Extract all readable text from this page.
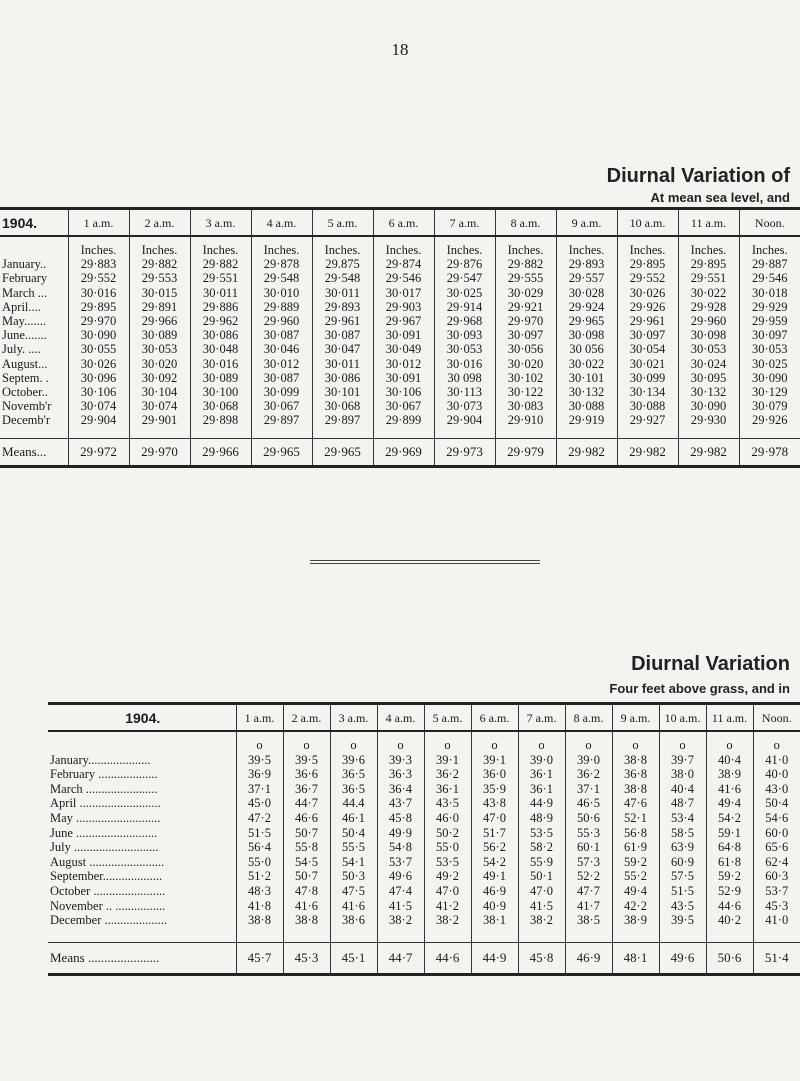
18
Diurnal Variation of
At mean sea level, and
1904.	1 a.m.	2 a.m.	3 a.m.	4 a.m.	5 a.m.	6 a.m.	7 a.m.	8 a.m.	9 a.m.	10 a.m.	11 a.m.	Noon.
	Inches.	Inches.	Inches.	Inches.	Inches.	Inches.	Inches.	Inches.	Inches.	Inches.	Inches.	Inches.
January..	29·883	29·882	29·882	29·878	29.875	29·874	29·876	29·882	29·893	29·895	29·895	29·887
February	29·552	29·553	29·551	29·548	29·548	29·546	29·547	29·555	29·557	29·552	29·551	29·546
March ...	30·016	30·015	30·011	30·010	30·011	30·017	30·025	30·029	30·028	30·026	30·022	30·018
April....	29·895	29·891	29·886	29·889	29·893	29·903	29·914	29·921	29·924	29·926	29·928	29·929
May.......	29·970	29·966	29·962	29·960	29·961	29·967	29·968	29·970	29·965	29·961	29·960	29·959
June.......	30·090	30·089	30·086	30·087	30·087	30·091	30·093	30·097	30·098	30·097	30·098	30·097
July. ....	30·055	30·053	30·048	30·046	30·047	30·049	30·053	30·056	30 056	30·054	30·053	30·053
August...	30·026	30·020	30·016	30·012	30·011	30·012	30·016	30·020	30·022	30·021	30·024	30·025
Septem. .	30·096	30·092	30·089	30·087	30·086	30·091	30 098	30·102	30·101	30·099	30·095	30·090
October..	30·106	30·104	30·100	30·099	30·101	30·106	30·113	30·122	30·132	30·134	30·132	30·129
Novemb'r	30·074	30·074	30·068	30·067	30·068	30·067	30·073	30·083	30·088	30·088	30·090	30·079
Decemb'r	29·904	29·901	29·898	29·897	29·897	29·899	29·904	29·910	29·919	29·927	29·930	29·926

Means...	29·972	29·970	29·966	29·965	29·965	29·969	29·973	29·979	29·982	29·982	29·982	29·978
Diurnal Variation
Four feet above grass, and in
1904.	1 a.m.	2 a.m.	3 a.m.	4 a.m.	5 a.m.	6 a.m.	7 a.m.	8 a.m.	9 a.m.	10 a.m.	11 a.m.	Noon.
	o	o	o	o	o	o	o	o	o	o	o	o
January....................	39·5	39·5	39·6	39·3	39·1	39·1	39·0	39·0	38·8	39·7	40·4	41·0
February ...................	36·9	36·6	36·5	36·3	36·2	36·0	36·1	36·2	36·8	38·0	38·9	40·0
March .......................	37·1	36·7	36·5	36·4	36·1	35·9	36·1	37·1	38·8	40·4	41·6	43·0
April ..........................	45·0	44·7	44.4	43·7	43·5	43·8	44·9	46·5	47·6	48·7	49·4	50·4
May ...........................	47·2	46·6	46·1	45·8	46·0	47·0	48·9	50·6	52·1	53·4	54·2	54·6
June ..........................	51·5	50·7	50·4	49·9	50·2	51·7	53·5	55·3	56·8	58·5	59·1	60·0
July ...........................	56·4	55·8	55·5	54·8	55·0	56·2	58·2	60·1	61·9	63·9	64·8	65·6
August ........................	55·0	54·5	54·1	53·7	53·5	54·2	55·9	57·3	59·2	60·9	61·8	62·4
September...................	51·2	50·7	50·3	49·6	49·2	49·1	50·1	52·2	55·2	57·5	59·2	60·3
October .......................	48·3	47·8	47·5	47·4	47·0	46·9	47·0	47·7	49·4	51·5	52·9	53·7
November .. ................	41·8	41·6	41·6	41·5	41·2	40·9	41·5	41·7	42·2	43·5	44·6	45·3
December ....................	38·8	38·8	38·6	38·2	38·2	38·1	38·2	38·5	38·9	39·5	40·2	41·0

Means ......................	45·7	45·3	45·1	44·7	44·6	44·9	45·8	46·9	48·1	49·6	50·6	51·4
